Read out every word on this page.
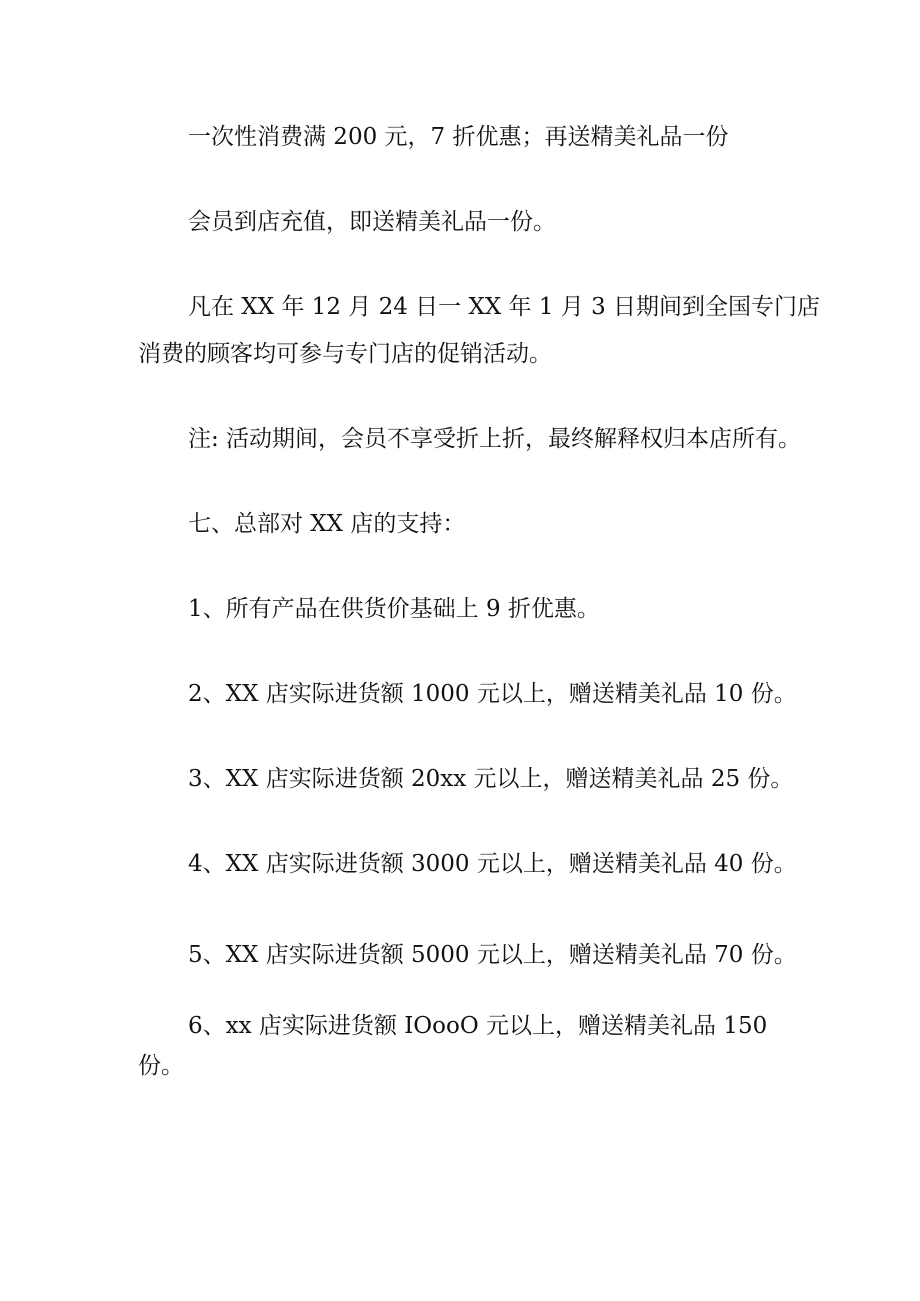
一次性消费满 200 元，7 折优惠；再送精美礼品一份
会员到店充值，即送精美礼品一份。
凡在 XX 年 12 月 24 日一 XX 年 1 月 3 日期间到全国专门店
消费的顾客均可参与专门店的促销活动。
注: 活动期间，会员不享受折上折，最终解释权归本店所有。
七、总部对 XX 店的支持：
1、所有产品在供货价基础上 9 折优惠。
2、XX 店实际进货额 1000 元以上，赠送精美礼品 10 份。
3、XX 店实际进货额 20xx 元以上，赠送精美礼品 25 份。
4、XX 店实际进货额 3000 元以上，赠送精美礼品 40 份。
5、XX 店实际进货额 5000 元以上，赠送精美礼品 70 份。
6、xx 店实际进货额 IOooO 元以上，赠送精美礼品 150
份。
